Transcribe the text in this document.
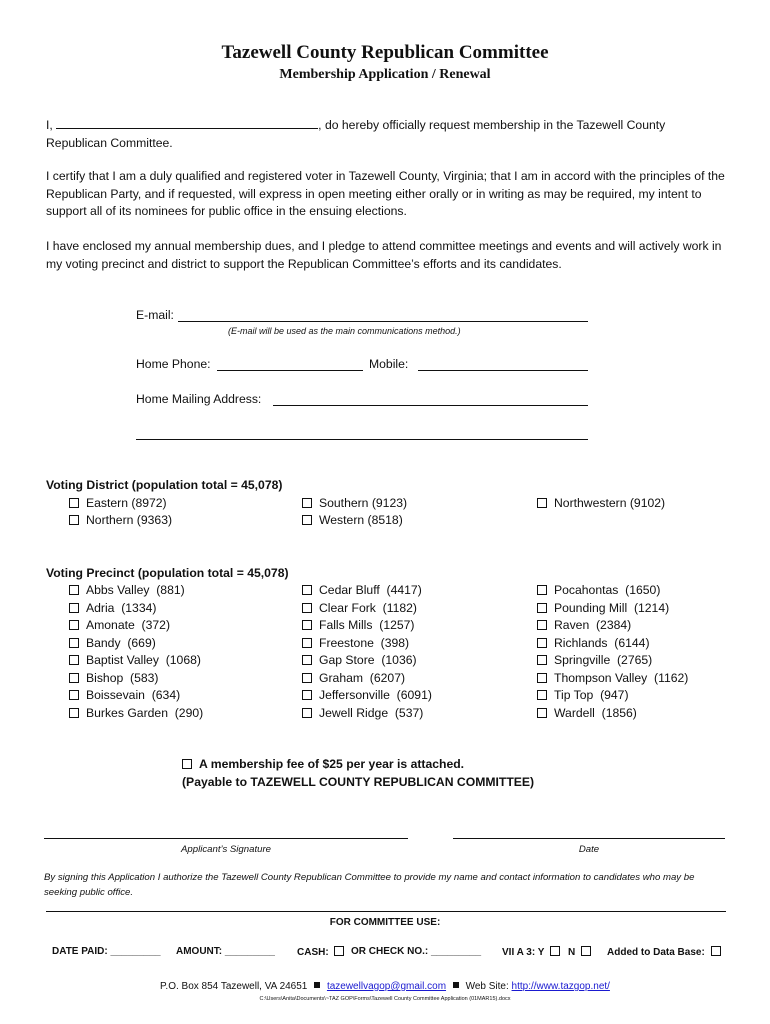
Tazewell County Republican Committee
Membership Application / Renewal
I,	, do hereby officially request membership in the Tazewell County
Republican Committee.
I certify that I am a duly qualified and registered voter in Tazewell County, Virginia; that I am in accord with the principles of the Republican Party, and if requested, will express in open meeting either orally or in writing as may be required, my intent to support all of its nominees for public office in the ensuing elections.
I have enclosed my annual membership dues, and I pledge to attend committee meetings and events and will actively work in my voting precinct and district to support the Republican Committee’s efforts and its candidates.
E-mail:
(E-mail will be used as the main communications method.)
Home Phone:	Mobile:
Home Mailing Address:
Voting District (population total = 45,078)
Eastern (8972)
Northern (9363)
Southern (9123)
Western (8518)
Northwestern (9102)
Voting Precinct (population total = 45,078)
Abbs Valley  (881)
Adria  (1334)
Amonate  (372)
Bandy  (669)
Baptist Valley  (1068)
Bishop  (583)
Boissevain  (634)
Burkes Garden  (290)
Cedar Bluff  (4417)
Clear Fork  (1182)
Falls Mills  (1257)
Freestone  (398)
Gap Store  (1036)
Graham  (6207)
Jeffersonville  (6091)
Jewell Ridge  (537)
Pocahontas  (1650)
Pounding Mill  (1214)
Raven  (2384)
Richlands  (6144)
Springville  (2765)
Thompson Valley  (1162)
Tip Top  (947)
Wardell  (1856)
A membership fee of $25 per year is attached.
(Payable to TAZEWELL COUNTY REPUBLICAN COMMITTEE)
Applicant’s Signature	Date
By signing this Application I authorize the Tazewell County Republican Committee to provide my name and contact information to candidates who may be seeking public office.
FOR COMMITTEE USE:
DATE PAID: _________ AMOUNT: _________ CASH:	OR CHECK NO.: _________ VII A 3: Y N	Added to Data Base:
P.O. Box 854 Tazewell, VA 24651 tazewellvagop@gmail.com Web Site: http://www.tazgop.net/
C:\Users\Anita\Documents\~TAZ GOP\Forms\Tazewell County Committee Application (01MAR15).docx
